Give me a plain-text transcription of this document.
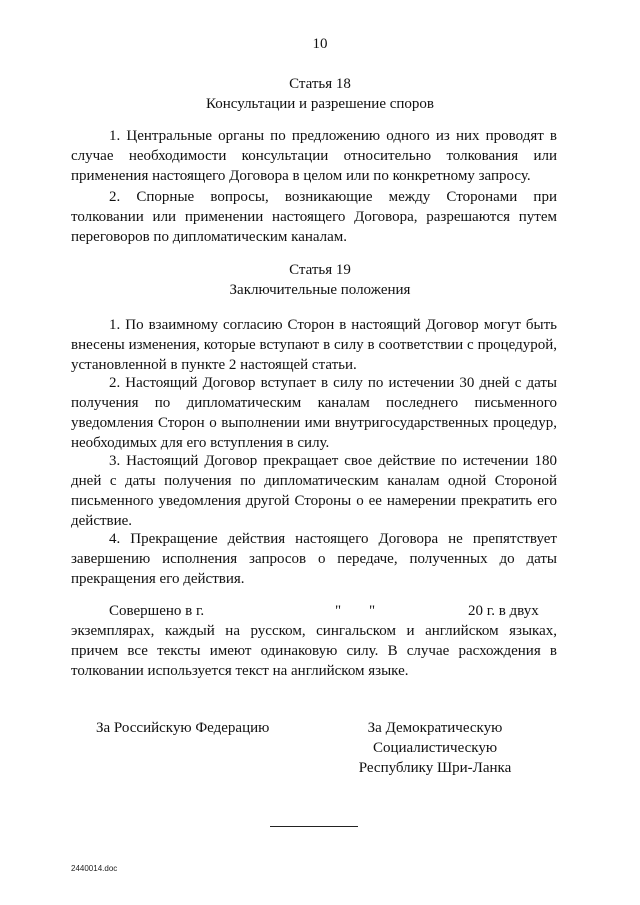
10
Статья 18
Консультации и разрешение споров
1. Центральные органы по предложению одного из них проводят в случае необходимости консультации относительно толкования или применения настоящего Договора в целом или по конкретному запросу.
2. Спорные вопросы, возникающие между Сторонами при толковании или применении настоящего Договора, разрешаются путем переговоров по дипломатическим каналам.
Статья 19
Заключительные положения
1. По взаимному согласию Сторон в настоящий Договор могут быть внесены изменения, которые вступают в силу в соответствии с процедурой, установленной в пункте 2 настоящей статьи.
2. Настоящий Договор вступает в силу по истечении 30 дней с даты получения по дипломатическим каналам последнего письменного уведомления Сторон о выполнении ими внутригосударственных процедур, необходимых для его вступления в силу.
3. Настоящий Договор прекращает свое действие по истечении 180 дней с даты получения по дипломатическим каналам одной Стороной письменного уведомления другой Стороны о ее намерении прекратить его действие.
4. Прекращение действия настоящего Договора не препятствует завершению исполнения запросов о передаче, полученных до даты прекращения его действия.
Совершено в г.	" "	20 г. в двух
экземплярах, каждый на русском, сингальском и английском языках, причем все тексты имеют одинаковую силу. В случае расхождения в толковании используется текст на английском языке.
За Российскую Федерацию	За Демократическую
Социалистическую
Республику Шри-Ланка
2440014.doc
